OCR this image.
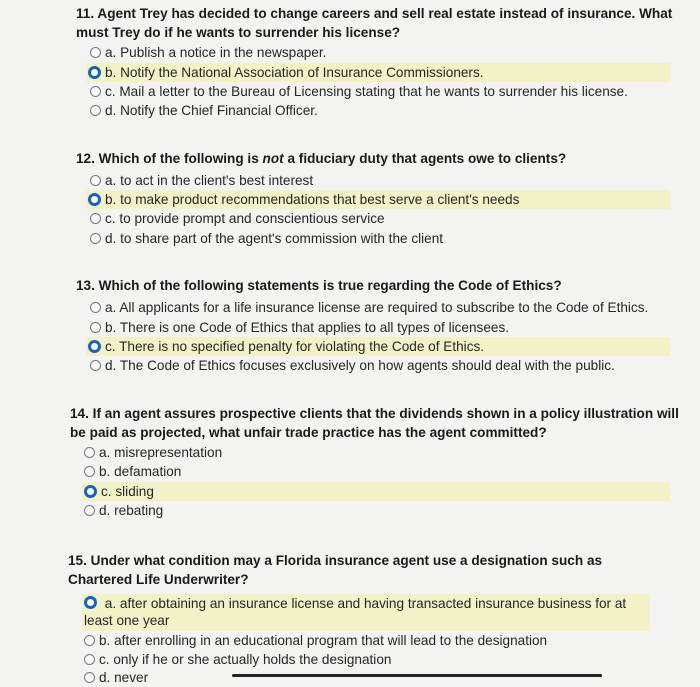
11. Agent Trey has decided to change careers and sell real estate instead of insurance. What must Trey do if he wants to surrender his license?
a. Publish a notice in the newspaper.
b. Notify the National Association of Insurance Commissioners.
c. Mail a letter to the Bureau of Licensing stating that he wants to surrender his license.
d. Notify the Chief Financial Officer.
12. Which of the following is not a fiduciary duty that agents owe to clients?
a. to act in the client's best interest
b. to make product recommendations that best serve a client's needs
c. to provide prompt and conscientious service
d. to share part of the agent's commission with the client
13. Which of the following statements is true regarding the Code of Ethics?
a. All applicants for a life insurance license are required to subscribe to the Code of Ethics.
b. There is one Code of Ethics that applies to all types of licensees.
c. There is no specified penalty for violating the Code of Ethics.
d. The Code of Ethics focuses exclusively on how agents should deal with the public.
14. If an agent assures prospective clients that the dividends shown in a policy illustration will be paid as projected, what unfair trade practice has the agent committed?
a. misrepresentation
b. defamation
c. sliding
d. rebating
15. Under what condition may a Florida insurance agent use a designation such as Chartered Life Underwriter?
a. after obtaining an insurance license and having transacted insurance business for at least one year
b. after enrolling in an educational program that will lead to the designation
c. only if he or she actually holds the designation
d. never
